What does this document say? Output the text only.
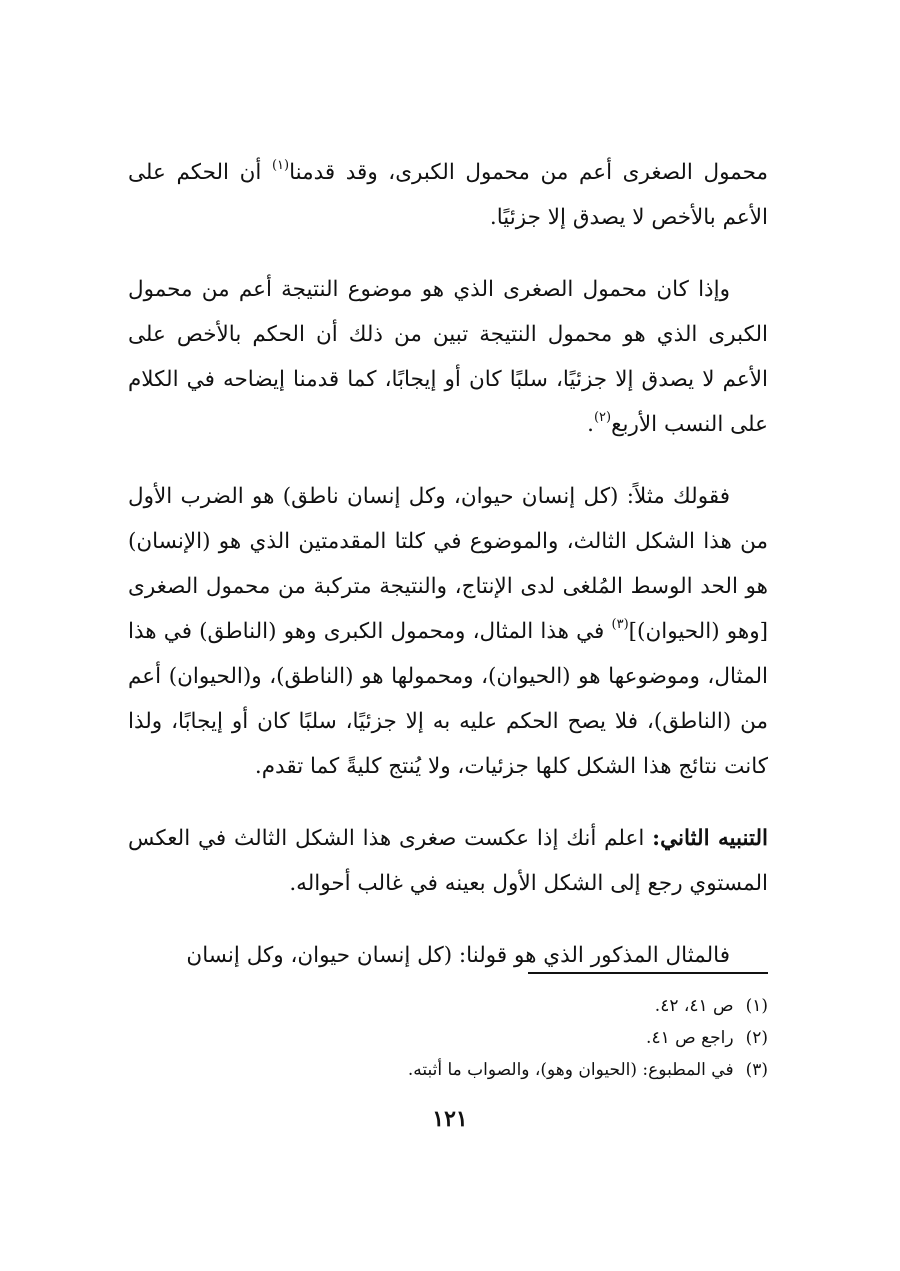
محمول الصغرى أعم من محمول الكبرى، وقد قدمنا$^{(١)}$ أن الحكم على الأعم بالأخص لا يصدق إلا جزئيًا.

وإذا كان محمول الصغرى الذي هو موضوع النتيجة أعم من محمول الكبرى الذي هو محمول النتيجة تبين من ذلك أن الحكم بالأخص على الأعم لا يصدق إلا جزئيًا، سلبًا كان أو إيجابًا، كما قدمنا إيضاحه في الكلام على النسب الأربع$^{(٢)}$.

فقولك مثلاً: (كل إنسان حيوان، وكل إنسان ناطق) هو الضرب الأول من هذا الشكل الثالث، والموضوع في كلتا المقدمتين الذي هو (الإنسان) هو الحد الوسط المُلغى لدى الإنتاج، والنتيجة متركبة من محمول الصغرى [وهو (الحيوان)]$^{(٣)}$ في هذا المثال، ومحمول الكبرى وهو (الناطق) في هذا المثال، وموضوعها هو (الحيوان)، ومحمولها هو (الناطق)، و(الحيوان) أعم من (الناطق)، فلا يصح الحكم عليه به إلا جزئيًا، سلبًا كان أو إيجابًا، ولذا كانت نتائج هذا الشكل كلها جزئيات، ولا يُنتج كليةً كما تقدم.

التنبيه الثاني: اعلم أنك إذا عكست صغرى هذا الشكل الثالث في العكس المستوي رجع إلى الشكل الأول بعينه في غالب أحواله.

فالمثال المذكور الذي هو قولنا: (كل إنسان حيوان، وكل إنسان

(١)ص ٤١، ٤٢.
(٢)راجع ص ٤١.
(٣)في المطبوع: (الحيوان وهو)، والصواب ما أثبته.
١٢١
